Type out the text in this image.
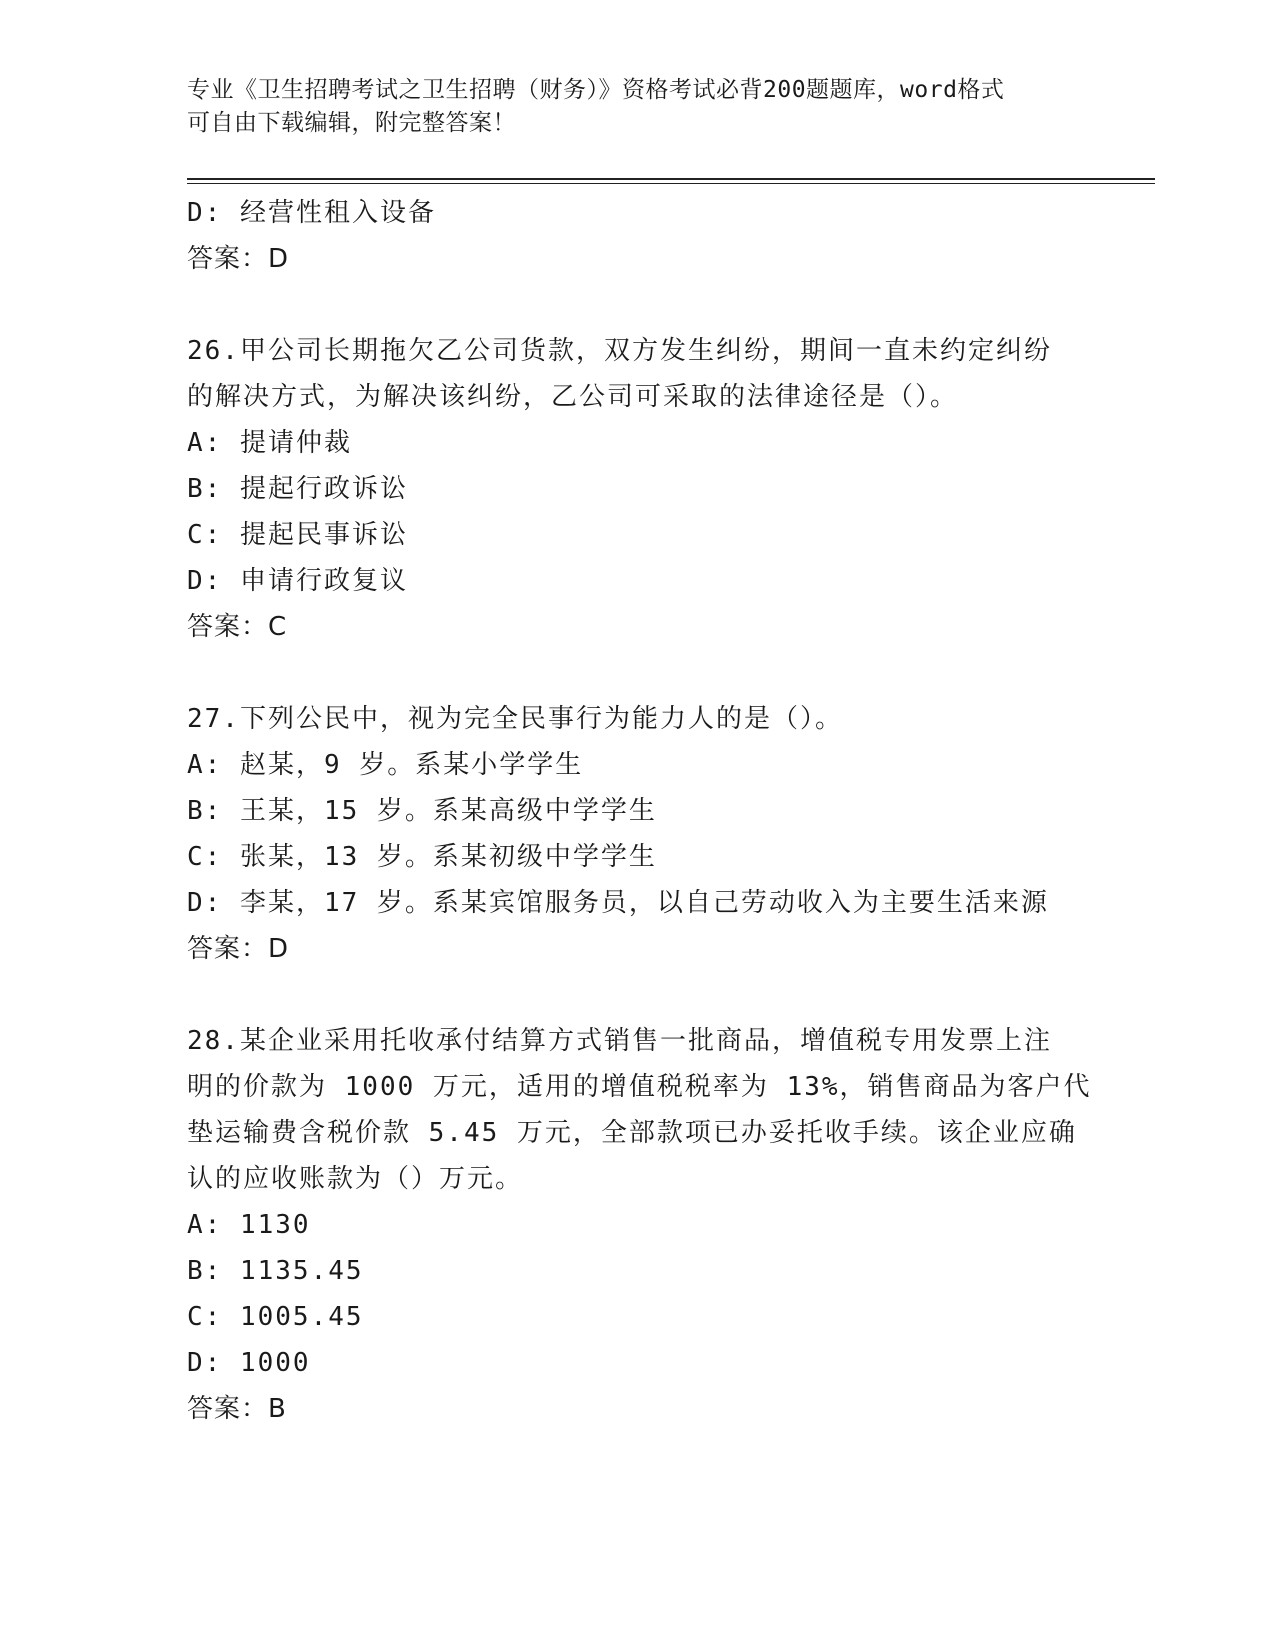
专业《卫生招聘考试之卫生招聘（财务）》资格考试必背200题题库，word格式
可自由下载编辑，附完整答案！
D: 经营性租入设备
答案：D
26.甲公司长期拖欠乙公司货款，双方发生纠纷，期间一直未约定纠纷
的解决方式，为解决该纠纷，乙公司可采取的法律途径是（）。
A: 提请仲裁
B: 提起行政诉讼
C: 提起民事诉讼
D: 申请行政复议
答案：C
27.下列公民中，视为完全民事行为能力人的是（）。
A: 赵某，9 岁。系某小学学生
B: 王某，15 岁。系某高级中学学生
C: 张某，13 岁。系某初级中学学生
D: 李某，17 岁。系某宾馆服务员，以自己劳动收入为主要生活来源
答案：D
28.某企业采用托收承付结算方式销售一批商品，增值税专用发票上注
明的价款为 1000 万元，适用的增值税税率为 13%，销售商品为客户代
垫运输费含税价款 5.45 万元，全部款项已办妥托收手续。该企业应确
认的应收账款为（）万元。
A: 1130
B: 1135.45
C: 1005.45
D: 1000
答案：B
